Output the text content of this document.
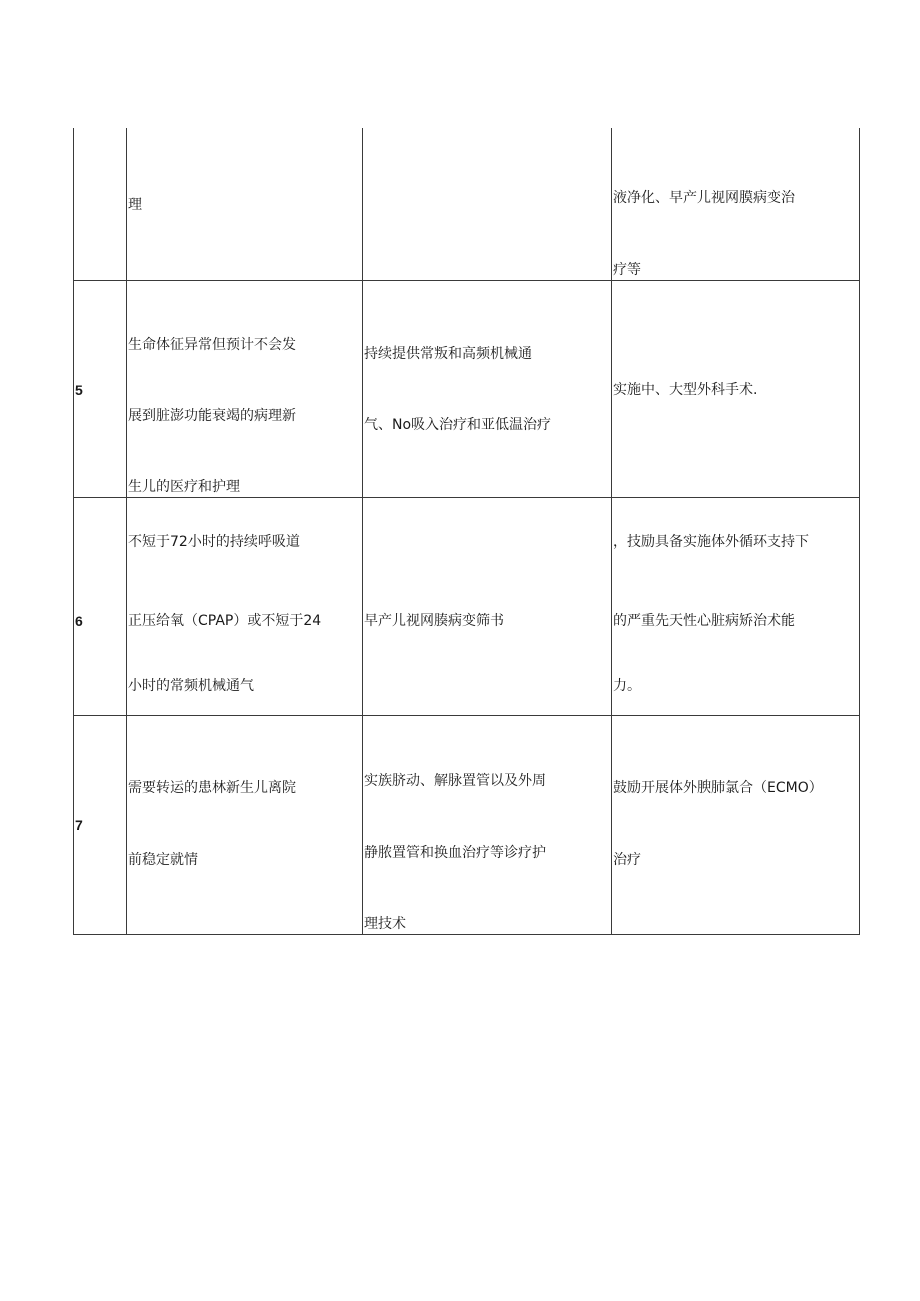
理	液净化、早产儿视网膜病变治
疗等
5
生命体征异常但预计不会发
展到脏澎功能衰竭的病理新
生儿的医疗和护理
持续提供常叛和高频机械通
气、No吸入治疗和亚低温治疗
实施中、大型外科手术.
6
不短于72小时的持续呼吸道
正压给氧（CPAP）或不短于24
小时的常频机械通气
早产儿视网腠病变筛书
，技励具备实施体外循环支持下
的严重先天性心脏病矫治术能
力。
7
需要转运的患林新生儿离院
前稳定就情
实族脐动、解脉置管以及外周
静脓置管和换血治疗等诊疗护
理技术
鼓励开展体外腴肺氯合（ECMO）
治疗
